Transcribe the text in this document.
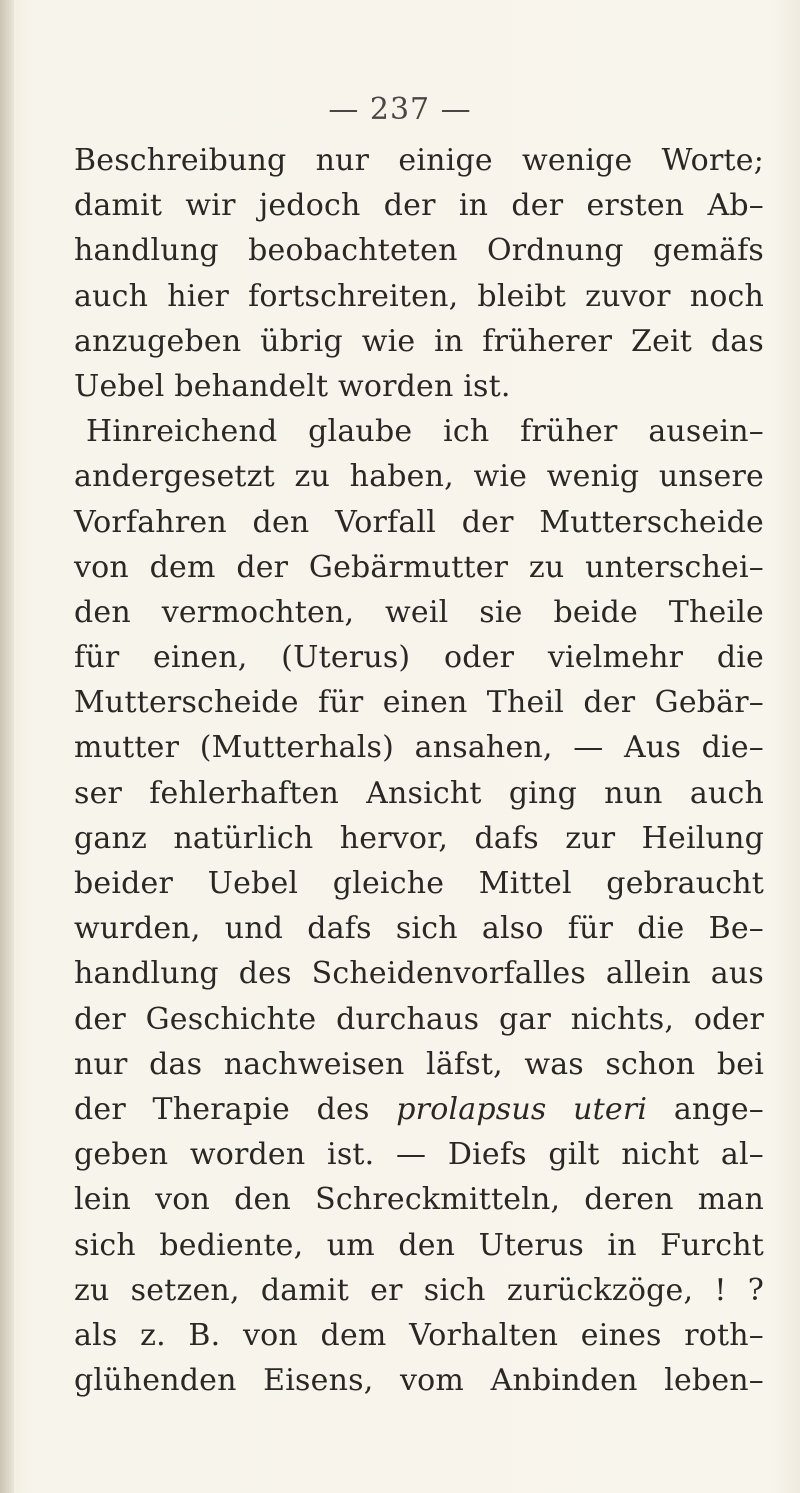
— 237 —
Beschreibung nur einige wenige Worte;
damit wir jedoch der in der ersten Ab–
handlung beobachteten Ordnung gemäfs
auch hier fortschreiten, bleibt zuvor noch
anzugeben übrig wie in früherer Zeit das
Uebel behandelt worden ist.
Hinreichend glaube ich früher ausein–
andergesetzt zu haben, wie wenig unsere
Vorfahren den Vorfall der Mutterscheide
von dem der Gebärmutter zu unterschei–
den vermochten, weil sie beide Theile
für einen, (Uterus) oder vielmehr die
Mutterscheide für einen Theil der Gebär–
mutter (Mutterhals) ansahen, — Aus die–
ser fehlerhaften Ansicht ging nun auch
ganz natürlich hervor, dafs zur Heilung
beider Uebel gleiche Mittel gebraucht
wurden, und dafs sich also für die Be–
handlung des Scheidenvorfalles allein aus
der Geschichte durchaus gar nichts, oder
nur das nachweisen läfst, was schon bei
der Therapie des prolapsus uteri ange–
geben worden ist. — Diefs gilt nicht al–
lein von den Schreckmitteln, deren man
sich bediente, um den Uterus in Furcht
zu setzen, damit er sich zurückzöge, ! ?
als z. B. von dem Vorhalten eines roth–
glühenden Eisens, vom Anbinden leben–
